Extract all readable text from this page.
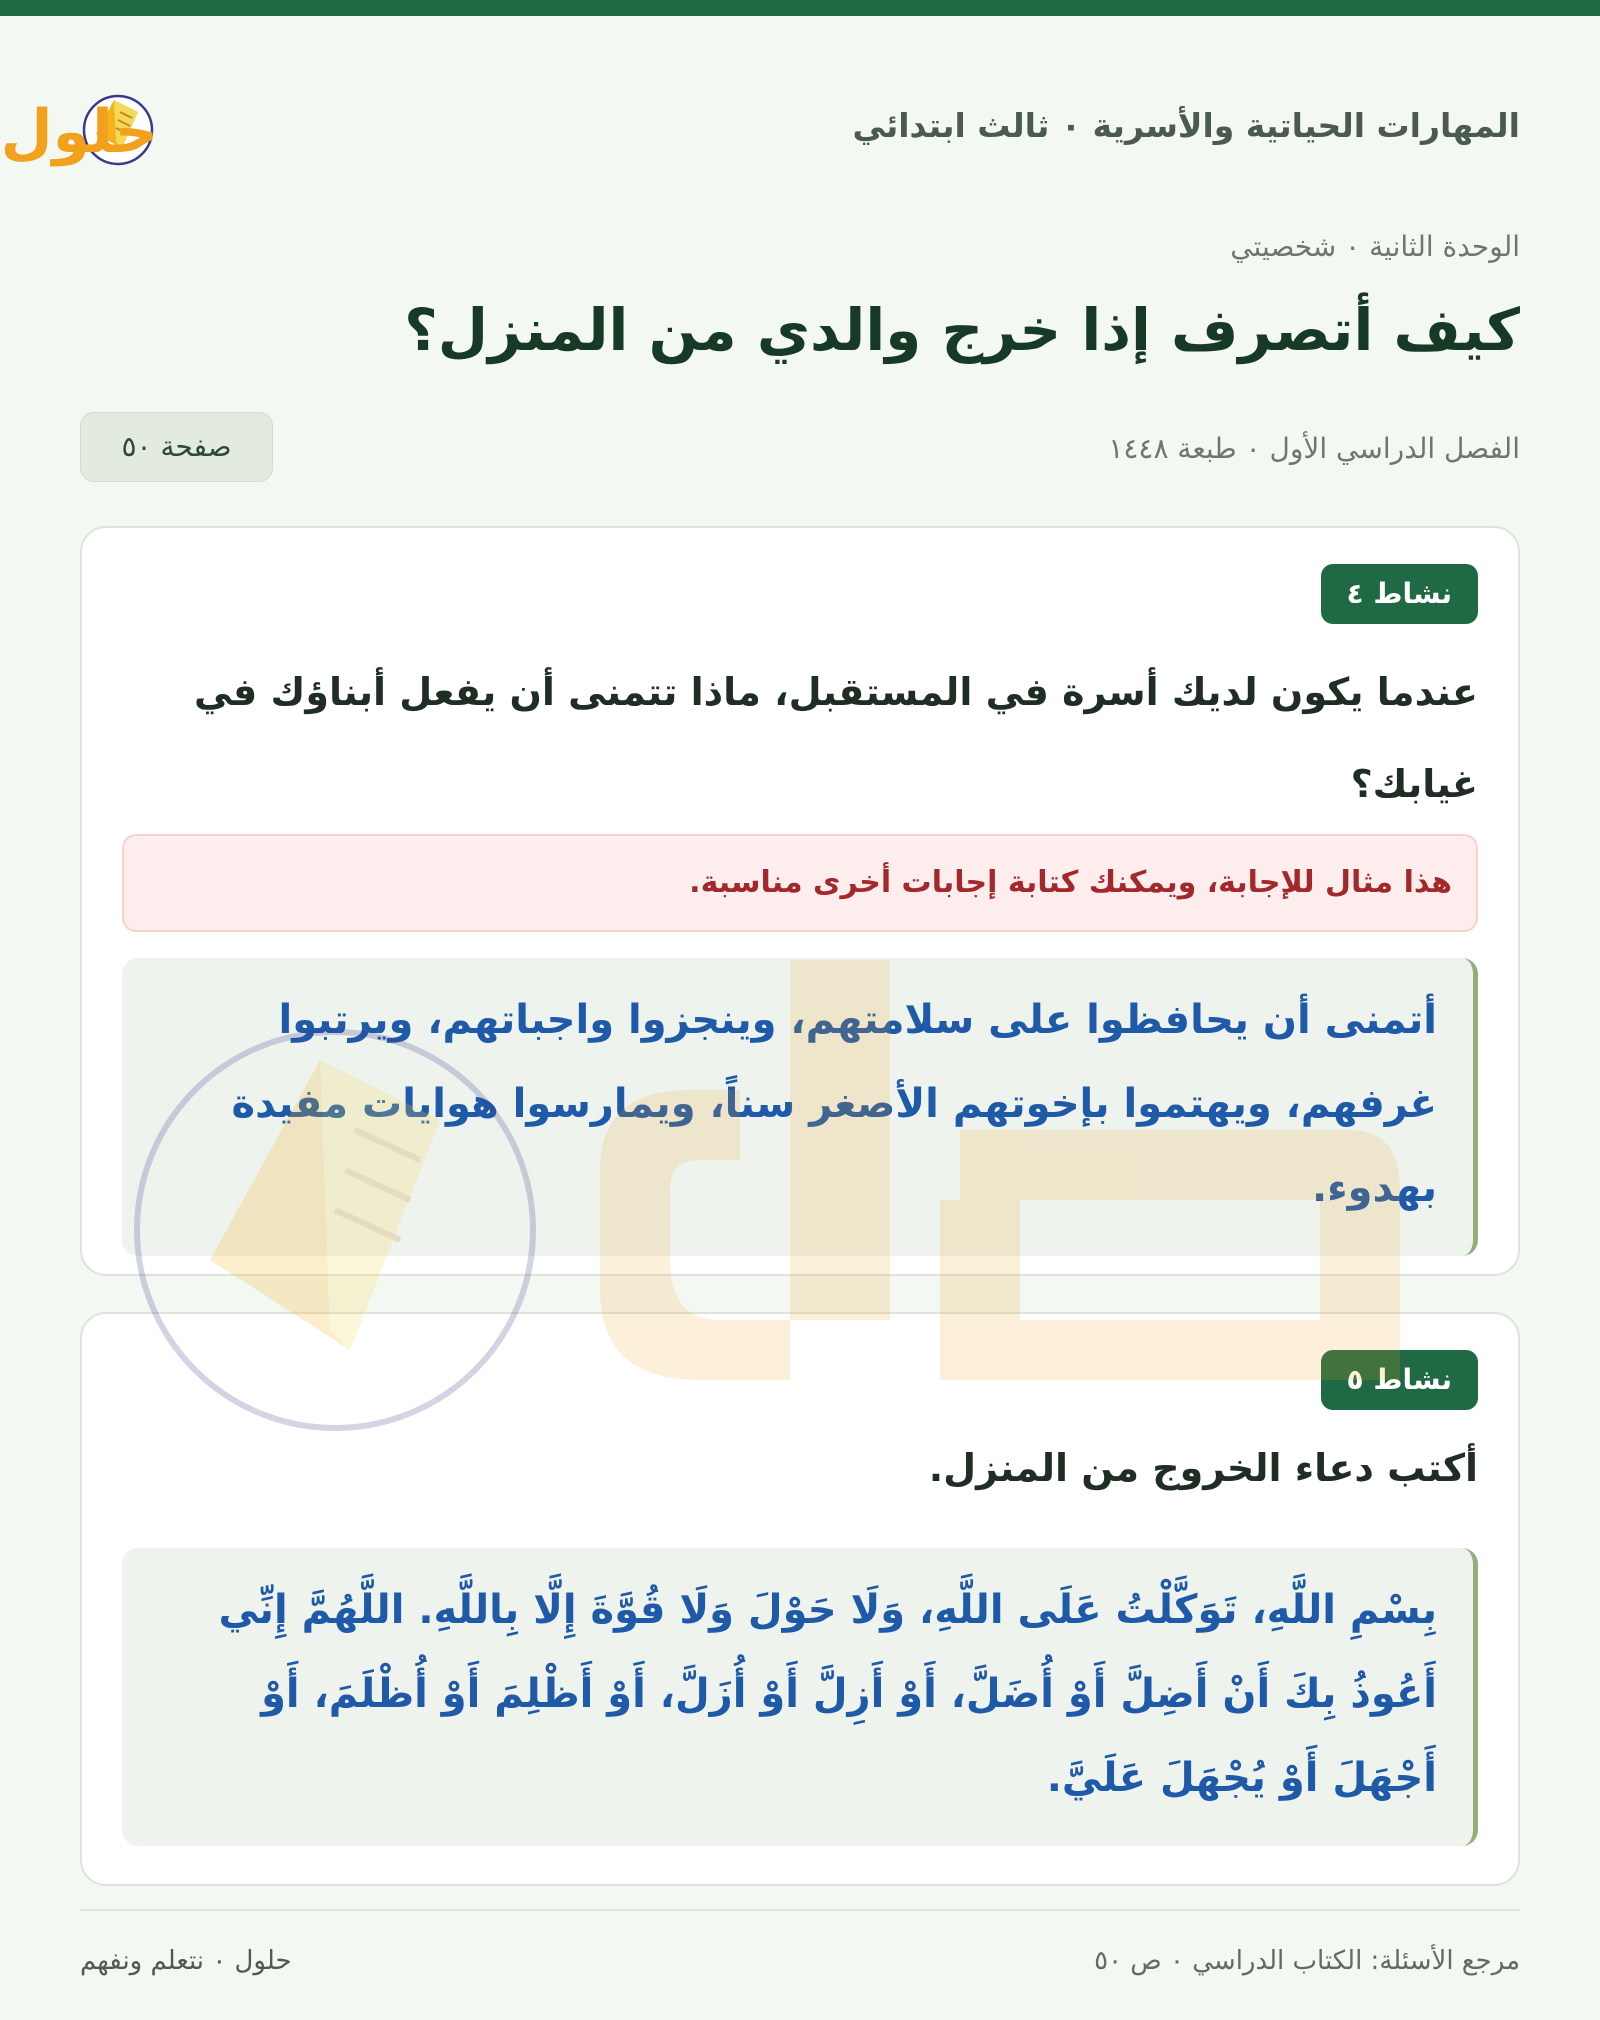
المهارات الحياتية والأسرية ٠ ثالث ابتدائي
حلول
الوحدة الثانية ٠ شخصيتي
كيف أتصرف إذا خرج والدي من المنزل؟
الفصل الدراسي الأول ٠ طبعة ١٤٤٨
صفحة ٥٠
نشاط ٤
عندما يكون لديك أسرة في المستقبل، ماذا تتمنى أن يفعل أبناؤك في غيابك؟
هذا مثال للإجابة، ويمكنك كتابة إجابات أخرى مناسبة.
أتمنى أن يحافظوا على سلامتهم، وينجزوا واجباتهم، ويرتبوا غرفهم، ويهتموا بإخوتهم الأصغر سناً، ويمارسوا هوايات مفيدة بهدوء.
نشاط ٥
أكتب دعاء الخروج من المنزل.
بِسْمِ اللَّهِ، تَوَكَّلْتُ عَلَى اللَّهِ، وَلَا حَوْلَ وَلَا قُوَّةَ إِلَّا بِاللَّهِ. اللَّهُمَّ إِنِّي أَعُوذُ بِكَ أَنْ أَضِلَّ أَوْ أُضَلَّ، أَوْ أَزِلَّ أَوْ أُزَلَّ، أَوْ أَظْلِمَ أَوْ أُظْلَمَ، أَوْ أَجْهَلَ أَوْ يُجْهَلَ عَلَيَّ.
مرجع الأسئلة: الكتاب الدراسي ٠ ص ٥٠
حلول ٠ نتعلم ونفهم
